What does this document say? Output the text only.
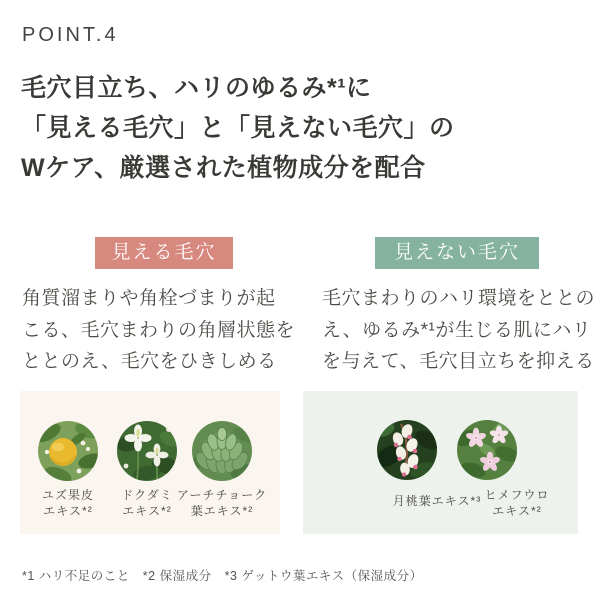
POINT.4
毛穴目立ち、ハリのゆるみ*¹に
「見える毛穴」と「見えない毛穴」の
Wケア、厳選された植物成分を配合
見える毛穴	見えない毛穴
角質溜まりや角栓づまりが起
こる、毛穴まわりの角層状態を
ととのえ、毛穴をひきしめる
毛穴まわりのハリ環境をととの
え、ゆるみ*¹が生じる肌にハリ
を与えて、毛穴目立ちを抑える
ユズ果皮
エキス*²
ドクダミ
エキス*²
アーチチョーク
葉エキス*²
月桃葉エキス*³ ヒメフウロ
エキス*²
*1 ハリ不足のこと　*2 保湿成分　*3 ゲットウ葉エキス（保湿成分）
